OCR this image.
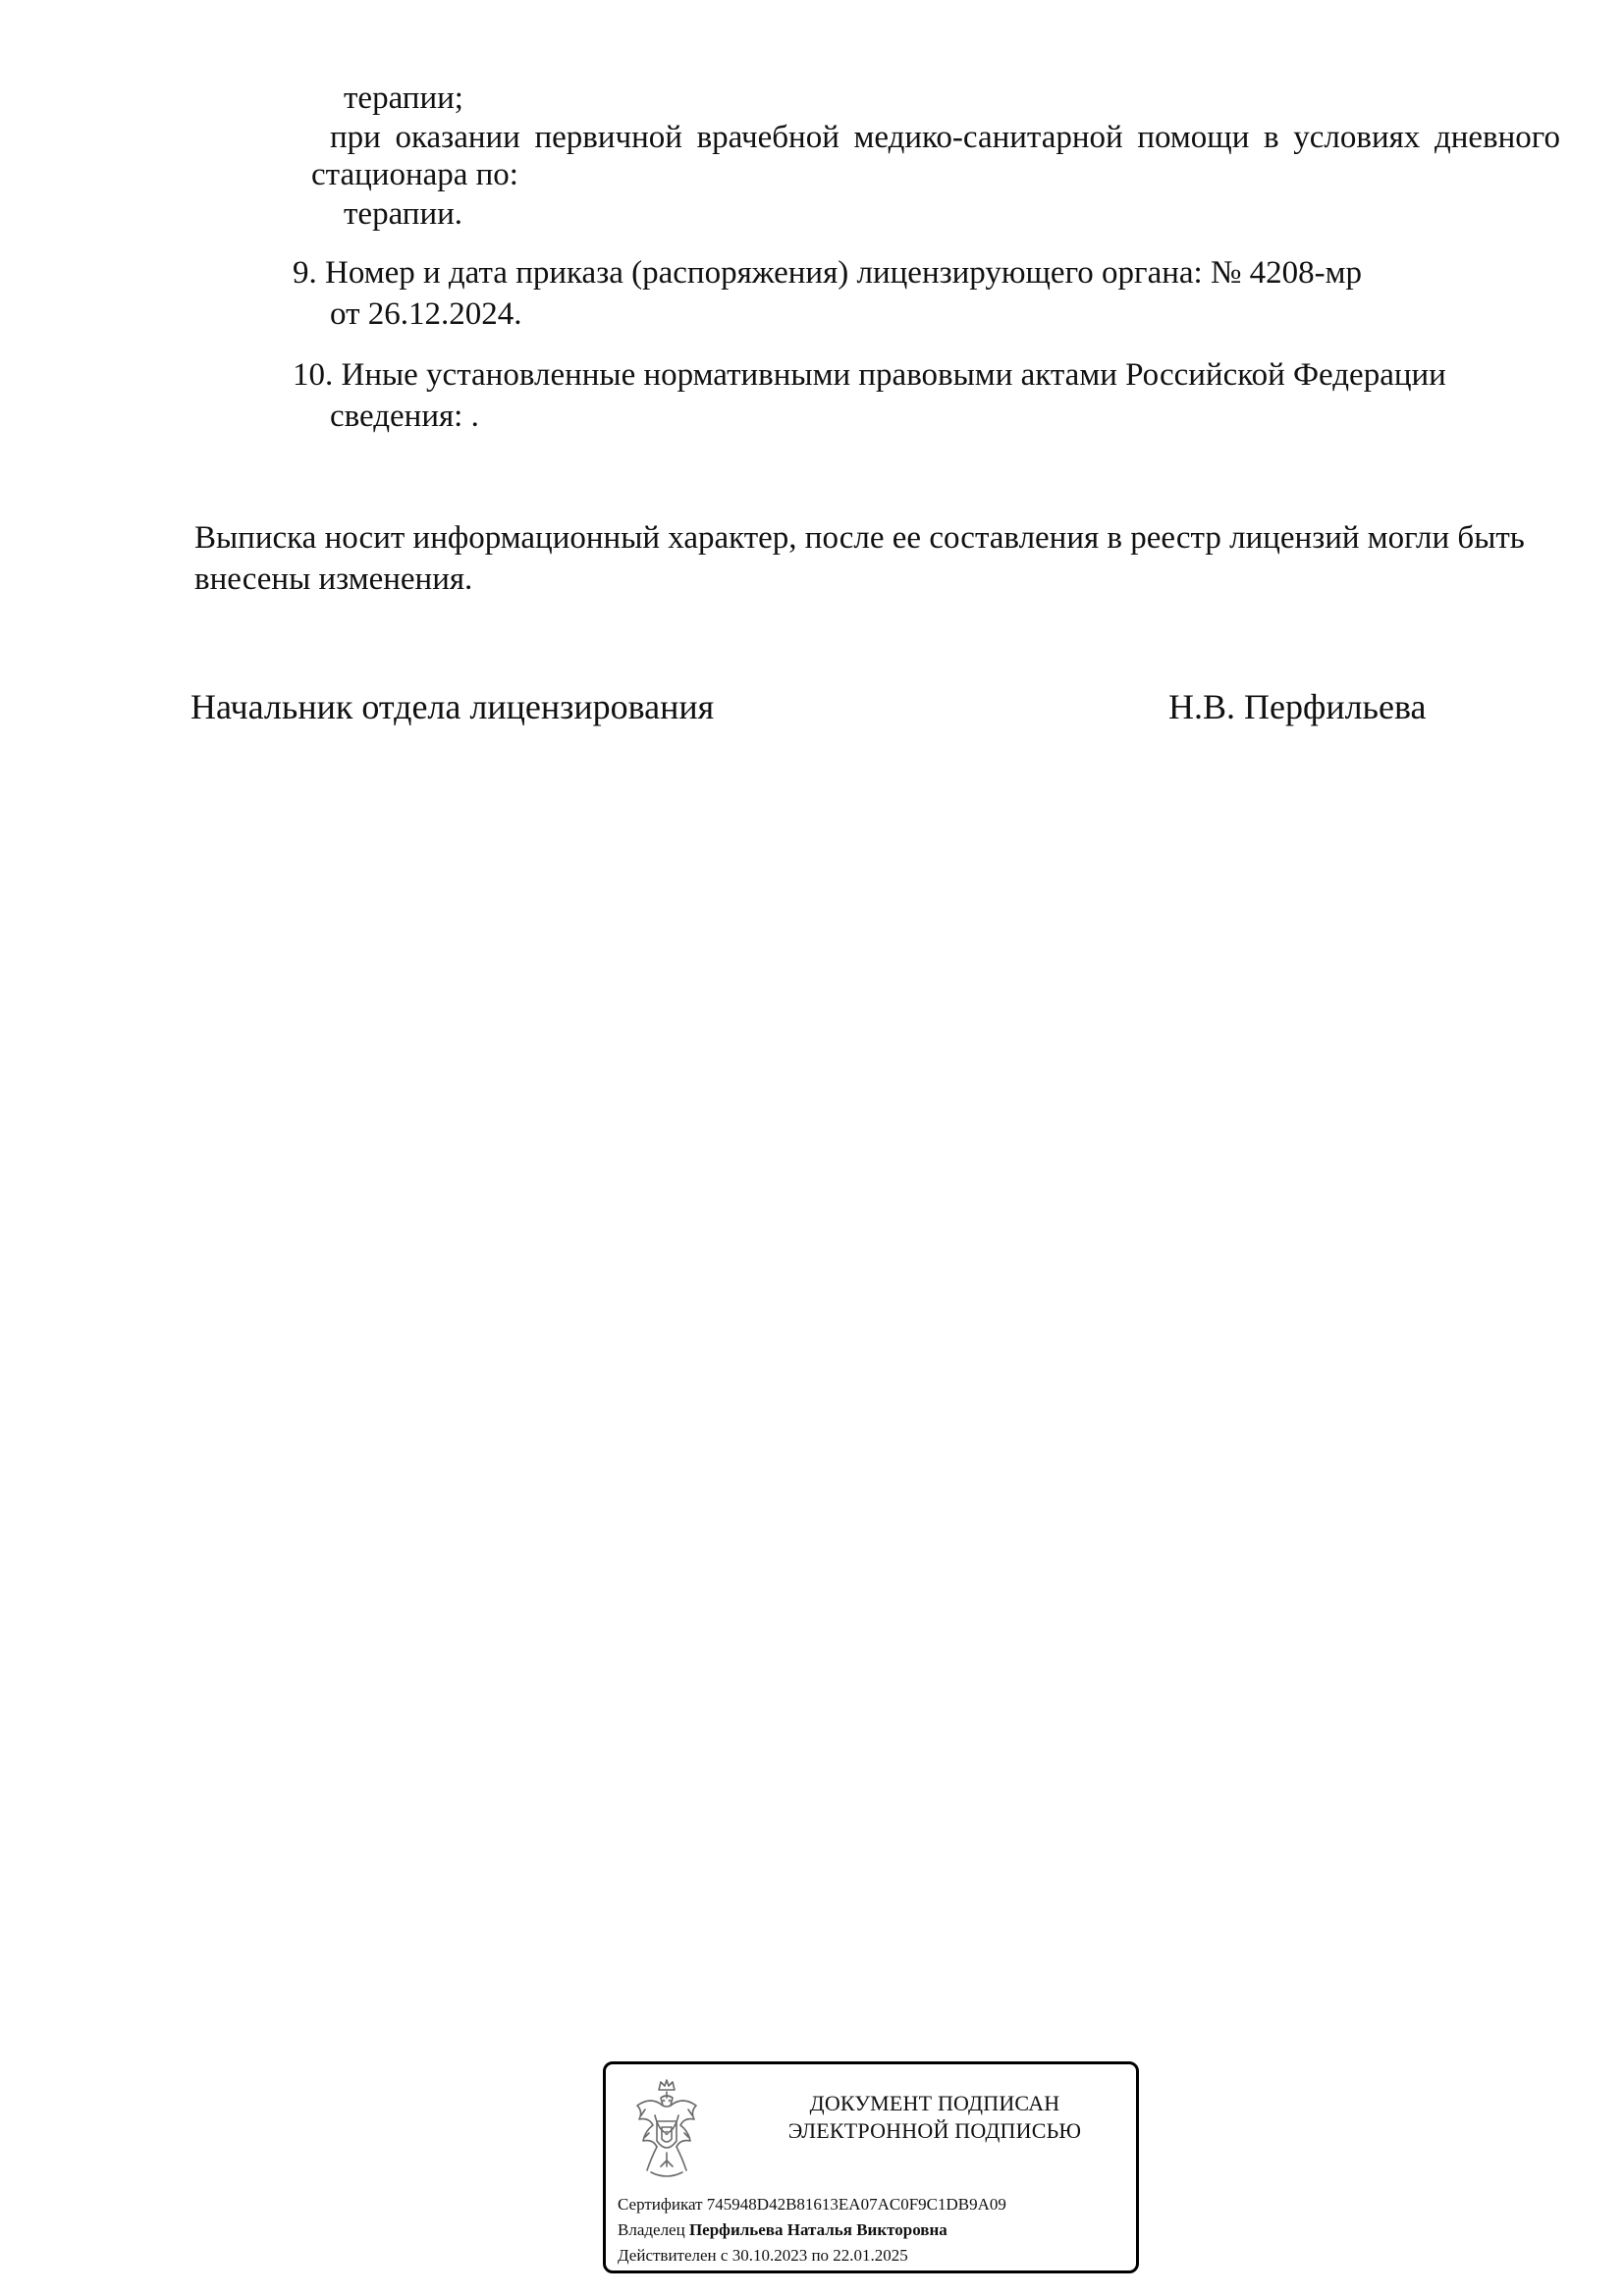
терапии;
при оказании первичной врачебной медико-санитарной помощи в условиях дневного
стационара по:
терапии.
9. Номер и дата приказа (распоряжения) лицензирующего органа: № 4208-мр
от 26.12.2024.
10. Иные установленные нормативными правовыми актами Российской Федерации
сведения: .
Выписка носит информационный характер, после ее составления в реестр лицензий могли быть
внесены изменения.
Начальник отдела лицензирования	Н.В. Перфильева
ДОКУМЕНТ ПОДПИСАН
ЭЛЕКТРОННОЙ ПОДПИСЬЮ
Сертификат 745948D42B81613EA07AC0F9C1DB9A09
Владелец Перфильева Наталья Викторовна
Действителен с 30.10.2023 по 22.01.2025
